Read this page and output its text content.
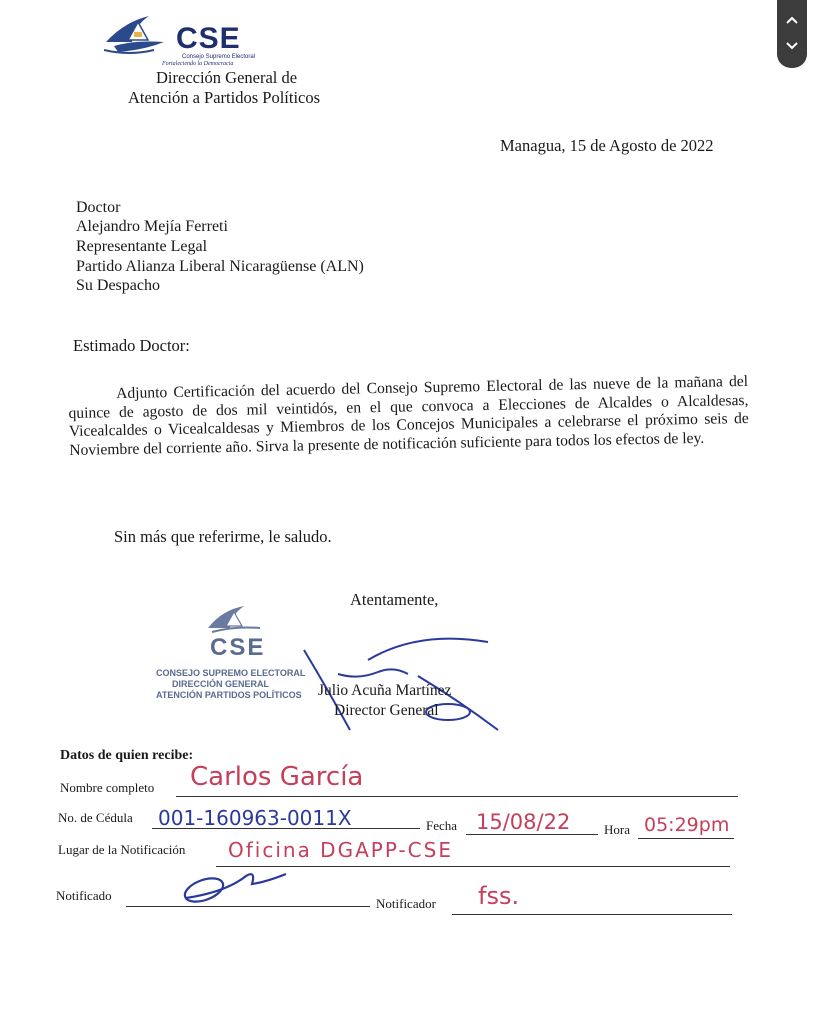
CSE
Consejo Supremo Electoral
Fortaleciendo la Democracia
Dirección General de
Atención a Partidos Políticos
Managua, 15 de Agosto de 2022
Doctor
Alejandro Mejía Ferreti
Representante Legal
Partido Alianza Liberal Nicaragüense (ALN)
Su Despacho
Estimado Doctor:
Adjunto Certificación del acuerdo del Consejo Supremo Electoral de las nueve de la mañana del quince de agosto de dos mil veintidós, en el que convoca a Elecciones de Alcaldes o Alcaldesas, Vicealcaldes o Vicealcaldesas y Miembros de los Concejos Municipales a celebrarse el próximo seis de Noviembre del corriente año. Sirva la presente de notificación suficiente para todos los efectos de ley.
Sin más que referirme, le saludo.
Atentamente,
CSE
CONSEJO SUPREMO ELECTORAL
DIRECCIÓN GENERAL
ATENCIÓN PARTIDOS POLÍTICOS Julio Acuña Martínez
Director General
Datos de quien recibe:
Nombre completo Carlos García
No. de Cédula 001-160963-0011X	Fecha 15/08/22	Hora 05:29pm
Lugar de la Notificación Oficina DGAPP-CSE
Notificado
Notificador fss.
